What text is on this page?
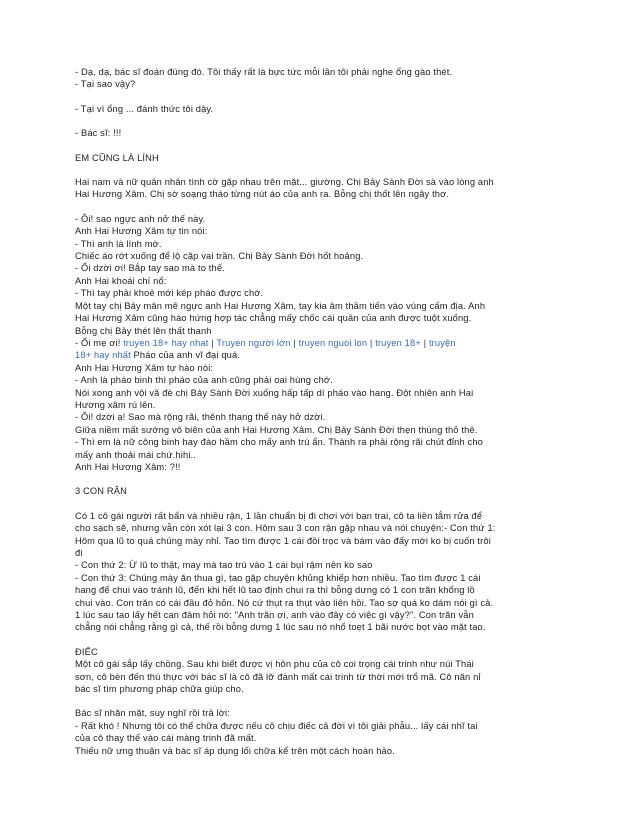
- Dạ, dạ, bác sĩ đoán đúng đó. Tôi thấy rất là bực tức mỗi lần tôi phải nghe ổng gào thét.
- Tại sao vậy?
- Tại vì ổng ... đánh thức tôi dậy.
- Bác sĩ: !!!
EM CŨNG LÀ LÍNH
Hai nam và nữ quân nhân tình cờ gặp nhau trên mặt... giường. Chị Bảy Sành Đời sà vào lòng anh
Hai Hương Xâm. Chị sờ soạng tháo từng nút áo của anh ra. Bỗng chị thốt lên ngây thơ.
- Ôi! sao ngực anh nở thế này.
Anh Hai Hương Xâm tự tin nói:
- Thì anh là lính mờ.
Chiếc áo rớt xuống để lộ cặp vai trần. Chị Bảy Sành Đời hốt hoảng.
- Ối dzời ơi! Bắp tay sao mà to thế.
Anh Hai khoái chí nổ:
- Thì tay phải khoẻ mới kép pháo được chớ.
Một tay chị Bảy mân mê ngực anh Hai Hương Xâm, tay kia âm thầm tiến vào vùng cấm địa. Anh
Hai Hương Xâm cũng hào hứng hợp tác chẳng mấy chốc cái quần của anh được tuột xuống.
Bỗng chị Bảy thét lên thất thanh
- Ối mẹ ơi! truyen 18+ hay nhat | Truyen người lớn | truyen nguoi lon | truyen 18+ | truyện
18+ hay nhất Pháo của anh vĩ đại quá.
Anh Hai Hương Xâm tự hào nói:
- Anh là pháo binh thì pháo của anh cũng phải oai hùng chớ.
Nói xong anh vội vã đè chị Bảy Sành Đời xuống hấp tấp dí pháo vào hang. Đột nhiên anh Hai
Hương xâm rú lên.
- Ôi! dzời ạ! Sao mà rộng rãi, thênh thang thế này hở dzời.
Giữa niềm mất sướng vô biên của anh Hai Hương Xâm. Chị Bảy Sành Đời thẹn thùng thỏ thẻ.
- Thì em là nữ công binh hay đào hầm cho mấy anh trú ẩn. Thành ra phải rộng rãi chút đỉnh cho
mấy anh thoải mái chứ.hihi..
Anh Hai Hương Xâm: ?!!
3 CON RẬN
Có 1 cô gái người rất bẩn và nhiều rận, 1 lần chuẩn bị đi chơi với bạn trai, cô ta liền tắm rửa để
cho sạch sẽ, nhưng vẫn còn xót lại 3 con. Hôm sau 3 con rận gặp nhau và nói chuyện:- Con thứ 1:
Hôm qua lũ to quá chúng mày nhỉ. Tao tìm được 1 cái đồi trọc và bám vào đấy mới ko bị cuốn trôi
đi
- Con thứ 2: Ừ lũ to thật, may mà tao trú vào 1 cái bụi rậm nên ko sao
- Con thứ 3: Chúng mày ăn thua gì, tao gặp chuyện khủng khiếp hơn nhiều. Tao tìm được 1 cái
hang để chui vào tránh lũ, đến khi hết lũ tao định chui ra thì bỗng dưng có 1 con trăn khổng lồ
chui vào. Con trăn có cái đầu đỏ hỏn. Nó cứ thụt ra thụt vào liên hồi. Tao sợ quá ko dám nói gì cả.
1 lúc sau tao lấy hết can đảm hỏi nó: "Anh trăn ơi, anh vào đây có việc gì vậy?". Con trăn vẫn
chẳng nói chẳng rằng gì cả, thế rồi bỗng dưng 1 lúc sau nó nhổ toẹt 1 bãi nước bọt vào mặt tao.
ĐIẾC
Một cô gái sắp lấy chồng. Sau khi biết được vị hôn phu của cô coi trọng cái trinh như núi Thái
sơn, cô bèn đến thú thực với bác sĩ là cô đã lỡ đánh mất cái trinh từ thời mới trổ mã. Cô năn nỉ
bác sĩ tìm phương pháp chữa giúp cho.
Bác sĩ nhăn mặt, suy nghĩ rồi trả lời:
- Rất khó ! Nhưng tôi có thể chữa được nếu cô chịu điếc cả đời vì tôi giải phẫu... lấy cái nhĩ tai
của cô thay thế vào cái màng trinh đã mất.
Thiếu nữ ưng thuận và bác sĩ áp dụng lối chữa kể trên một cách hoàn hảo.
